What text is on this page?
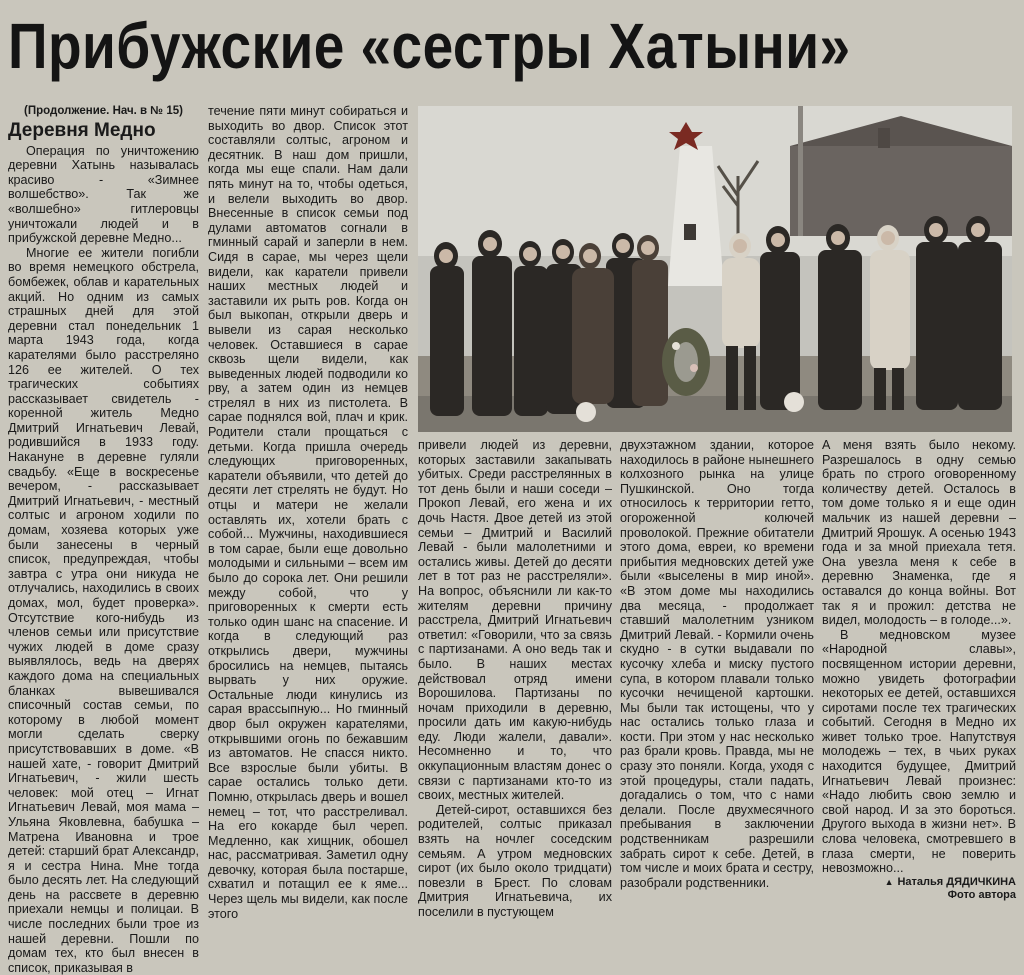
Прибужские «сестры Хатыни»

(Продолжение. Нач. в № 15)

Деревня Медно

Операция по уничтожению деревни Хатынь называлась красиво - «Зимнее волшебство». Так же «волшебно» гитлеровцы уничтожали людей и в прибужской деревне Медно...

Многие ее жители погибли во время немецкого обстрела, бомбежек, облав и карательных акций. Но одним из самых страшных дней для этой деревни стал понедельник 1 марта 1943 года, когда карателями было расстреляно 126 ее жителей. О тех трагических событиях рассказывает свидетель - коренной житель Медно Дмитрий Игнатьевич Левай, родившийся в 1933 году. Накануне в деревне гуляли свадьбу. «Еще в воскресенье вечером, - рассказывает Дмитрий Игнатьевич, - местный солтыс и агроном ходили по домам, хозяева которых уже были занесены в черный список, предупреждая, чтобы завтра с утра они никуда не отлучались, находились в своих домах, мол, будет проверка». Отсутствие кого-нибудь из членов семьи или присутствие чужих людей в доме сразу выявлялось, ведь на дверях каждого дома на специальных бланках вывешивался списочный состав семьи, по которому в любой момент могли сделать сверку присутствовавших в доме. «В нашей хате, - говорит Дмитрий Игнатьевич, - жили шесть человек: мой отец – Игнат Игнатьевич Левай, моя мама – Ульяна Яковлевна, бабушка – Матрена Ивановна и трое детей: старший брат Александр, я и сестра Нина. Мне тогда было десять лет. На следующий день на рассвете в деревню приехали немцы и полицаи. В числе последних были трое из нашей деревни. Пошли по домам тех, кто был внесен в список, приказывая в

течение пяти минут собираться и выходить во двор. Список этот составляли солтыс, агроном и десятник. В наш дом пришли, когда мы еще спали. Нам дали пять минут на то, чтобы одеться, и велели выходить во двор. Внесенные в список семьи под дулами автоматов согнали в гминный сарай и заперли в нем. Сидя в сарае, мы через щели видели, как каратели привели наших местных людей и заставили их рыть ров. Когда он был выкопан, открыли дверь и вывели из сарая несколько человек. Оставшиеся в сарае сквозь щели видели, как выведенных людей подводили ко рву, а затем один из немцев стрелял в них из пистолета. В сарае поднялся вой, плач и крик. Родители стали прощаться с детьми. Когда пришла очередь следующих приговоренных, каратели объявили, что детей до десяти лет стрелять не будут. Но отцы и матери не желали оставлять их, хотели брать с собой... Мужчины, находившиеся в том сарае, были еще довольно молодыми и сильными – всем им было до сорока лет. Они решили между собой, что у приговоренных к смерти есть только один шанс на спасение. И когда в следующий раз открылись двери, мужчины бросились на немцев, пытаясь вырвать у них оружие. Остальные люди кинулись из сарая врассыпную... Но гминный двор был окружен карателями, открывшими огонь по бежавшим из автоматов. Не спасся никто. Все взрослые были убиты. В сарае остались только дети. Помню, открылась дверь и вошел немец – тот, что расстреливал. На его кокарде был череп. Медленно, как хищник, обошел нас, рассматривая. Заметил одну девочку, которая была постарше, схватил и потащил ее к яме... Через щель мы видели, как после этого

привели людей из деревни, которых заставили закапывать убитых. Среди расстрелянных в тот день были и наши соседи – Прокоп Левай, его жена и их дочь Настя. Двое детей из этой семьи – Дмитрий и Василий Левай - были малолетними и остались живы. Детей до десяти лет в тот раз не расстреляли». На вопрос, объяснили ли как-то жителям деревни причину расстрела, Дмитрий Игнатьевич ответил: «Говорили, что за связь с партизанами. А оно ведь так и было. В наших местах действовал отряд имени Ворошилова. Партизаны по ночам приходили в деревню, просили дать им какую-нибудь еду. Люди жалели, давали». Несомненно и то, что оккупационным властям донес о связи с партизанами кто-то из своих, местных жителей.

Детей-сирот, оставшихся без родителей, солтыс приказал взять на ночлег соседским семьям. А утром медновских сирот (их было около тридцати) повезли в Брест. По словам Дмитрия Игнатьевича, их поселили в пустующем

двухэтажном здании, которое находилось в районе нынешнего колхозного рынка на улице Пушкинской. Оно тогда относилось к территории гетто, огороженной колючей проволокой. Прежние обитатели этого дома, евреи, ко времени прибытия медновских детей уже были «выселены в мир иной». «В этом доме мы находились два месяца, - продолжает ставший малолетним узником Дмитрий Левай. - Кормили очень скудно - в сутки выдавали по кусочку хлеба и миску пустого супа, в котором плавали только кусочки нечищеной картошки. Мы были так истощены, что у нас остались только глаза и кости. При этом у нас несколько раз брали кровь. Правда, мы не сразу это поняли. Когда, уходя с этой процедуры, стали падать, догадались о том, что с нами делали. После двухмесячного пребывания в заключении родственникам разрешили забрать сирот к себе. Детей, в том числе и моих брата и сестру, разобрали родственники.

А меня взять было некому. Разрешалось в одну семью брать по строго оговоренному количеству детей. Осталось в том доме только я и еще один мальчик из нашей деревни – Дмитрий Ярошук. А осенью 1943 года и за мной приехала тетя. Она увезла меня к себе в деревню Знаменка, где я оставался до конца войны. Вот так я и прожил: детства не видел, молодость – в голоде...».

В медновском музее «Народной славы», посвященном истории деревни, можно увидеть фотографии некоторых ее детей, оставшихся сиротами после тех трагических событий. Сегодня в Медно их живет только трое. Напутствуя молодежь – тех, в чьих руках находится будущее, Дмитрий Игнатьевич Левай произнес: «Надо любить свою землю и свой народ. И за это бороться. Другого выхода в жизни нет». В слова человека, смотревшего в глаза смерти, не поверить невозможно...

▲ Наталья ДЯДИЧКИНА
Фото автора
